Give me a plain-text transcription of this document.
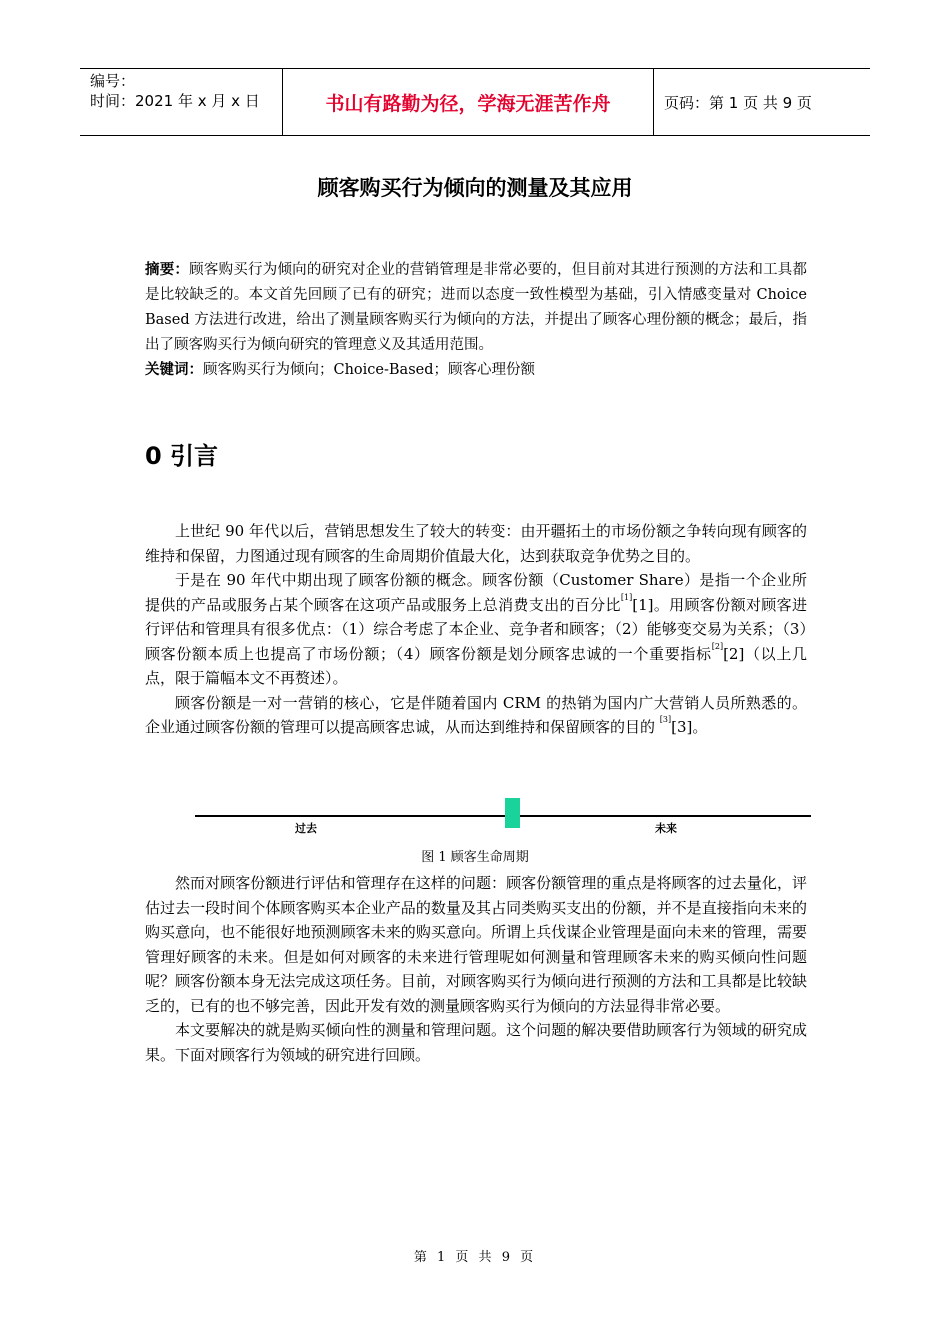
编号：
时间：2021 年 x 月 x 日	书山有路勤为径，学海无涯苦作舟	页码：第 1 页 共 9 页
顾客购买行为倾向的测量及其应用
摘要：顾客购买行为倾向的研究对企业的营销管理是非常必要的，但目前对其进行预测的方法和工具都是比较缺乏的。本文首先回顾了已有的研究；进而以态度一致性模型为基础，引入情感变量对 Choice Based 方法进行改进，给出了测量顾客购买行为倾向的方法，并提出了顾客心理份额的概念；最后，指出了顾客购买行为倾向研究的管理意义及其适用范围。
关键词：顾客购买行为倾向；Choice-Based；顾客心理份额
0 引言

上世纪 90 年代以后，营销思想发生了较大的转变：由开疆拓土的市场份额之争转向现有顾客的维持和保留，力图通过现有顾客的生命周期价值最大化，达到获取竞争优势之目的。

于是在 90 年代中期出现了顾客份额的概念。顾客份额（Customer Share）是指一个企业所提供的产品或服务占某个顾客在这项产品或服务上总消费支出的百分比[1][1]。用顾客份额对顾客进行评估和管理具有很多优点：（1）综合考虑了本企业、竞争者和顾客；（2）能够变交易为关系；（3）顾客份额本质上也提高了市场份额；（4）顾客份额是划分顾客忠诚的一个重要指标[2][2]（以上几点，限于篇幅本文不再赘述）。

顾客份额是一对一营销的核心，它是伴随着国内 CRM 的热销为国内广大营销人员所熟悉的。企业通过顾客份额的管理可以提高顾客忠诚，从而达到维持和保留顾客的目的 [3][3]。

过去	未来
图 1 顾客生命周期

然而对顾客份额进行评估和管理存在这样的问题：顾客份额管理的重点是将顾客的过去量化，评估过去一段时间个体顾客购买本企业产品的数量及其占同类购买支出的份额，并不是直接指向未来的购买意向，也不能很好地预测顾客未来的购买意向。所谓上兵伐谋企业管理是面向未来的管理，需要管理好顾客的未来。但是如何对顾客的未来进行管理呢如何测量和管理顾客未来的购买倾向性问题呢？顾客份额本身无法完成这项任务。目前，对顾客购买行为倾向进行预测的方法和工具都是比较缺乏的，已有的也不够完善，因此开发有效的测量顾客购买行为倾向的方法显得非常必要。

本文要解决的就是购买倾向性的测量和管理问题。这个问题的解决要借助顾客行为领域的研究成果。下面对顾客行为领域的研究进行回顾。

第 1 页 共 9 页
